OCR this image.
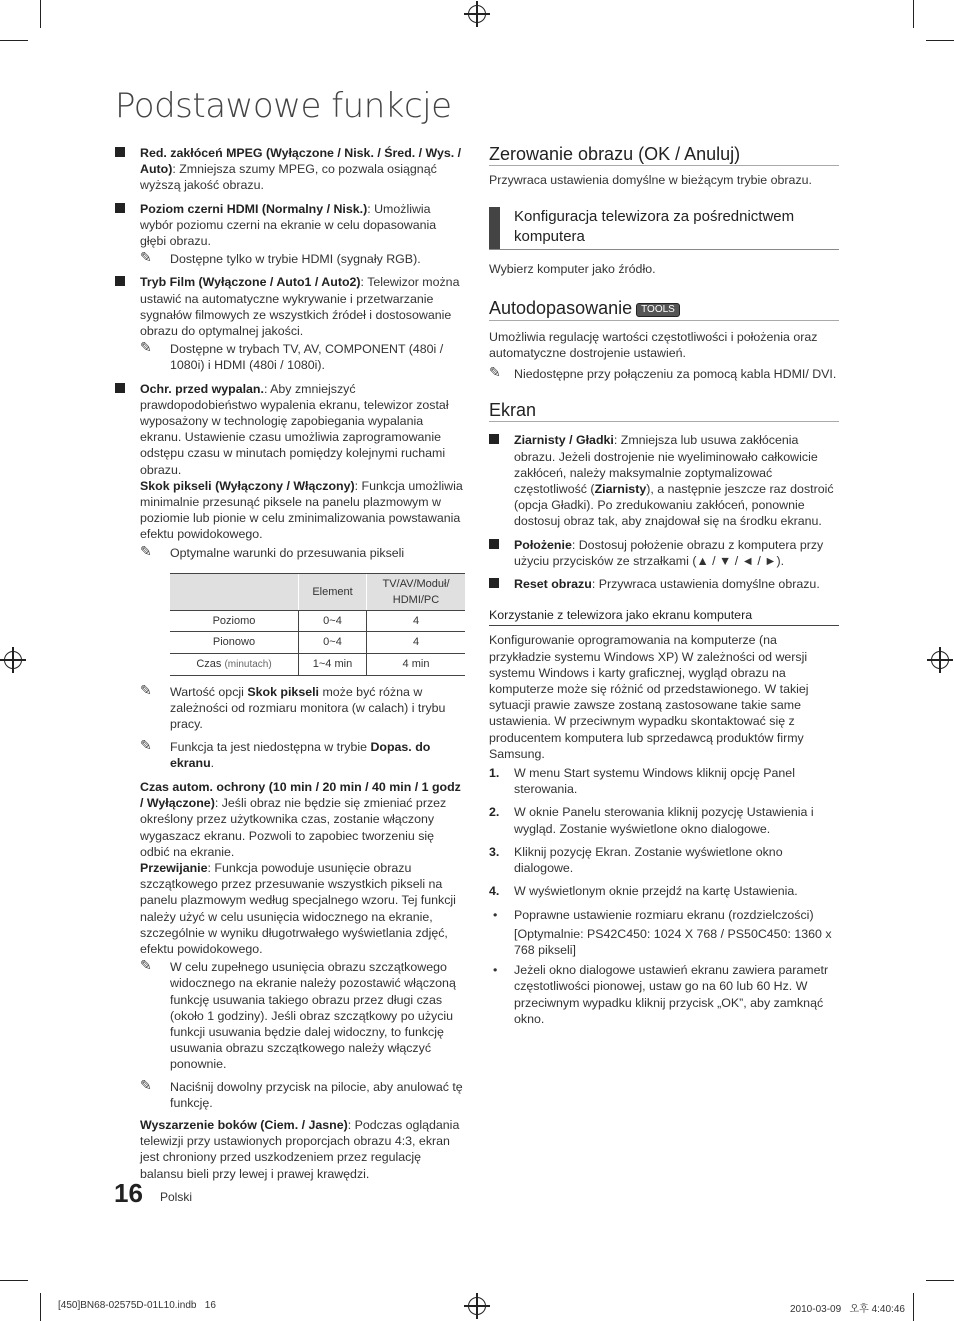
Podstawowe funkcje

Red. zakłóceń MPEG (Wyłączone / Nisk. / Śred. / Wys. / Auto): Zmniejsza szumy MPEG, co pozwala osiągnąć wyższą jakość obrazu.

Poziom czerni HDMI (Normalny / Nisk.): Umożliwia wybór poziomu czerni na ekranie w celu dopasowania głębi obrazu.

✎	Dostępne tylko w trybie HDMI (sygnały RGB).

Tryb Film (Wyłączone / Auto1 / Auto2): Telewizor można ustawić na automatyczne wykrywanie i przetwarzanie sygnałów filmowych ze wszystkich źródeł i dostosowanie obrazu do optymalnej jakości.

✎	Dostępne w trybach TV, AV, COMPONENT (480i / 1080i) i HDMI (480i / 1080i).

Ochr. przed wypalan.: Aby zmniejszyć prawdopodobieństwo wypalenia ekranu, telewizor został wyposażony w technologię zapobiegania wypalania ekranu. Ustawienie czasu umożliwia zaprogramowanie odstępu czasu w minutach pomiędzy kolejnymi ruchami obrazu.

Skok pikseli (Wyłączony / Włączony): Funkcja umożliwia minimalnie przesunąć piksele na panelu plazmowym w poziomie lub pionie w celu zminimalizowania powstawania efektu powidokowego.

✎	Optymalne warunki do przesuwania pikseli
	Element	TV/AV/Moduł/ HDMI/PC
Poziomo	0~4	4
Pionowo	0~4	4
Czas (minutach)	1~4 min	4 min
✎	Wartość opcji Skok pikseli może być różna w zależności od rozmiaru monitora (w calach) i trybu pracy.
✎	Funkcja ta jest niedostępna w trybie Dopas. do ekranu.

Czas autom. ochrony (10 min / 20 min / 40 min / 1 godz / Wyłączone): Jeśli obraz nie będzie się zmieniać przez określony przez użytkownika czas, zostanie włączony wygaszacz ekranu. Pozwoli to zapobiec tworzeniu się odbić na ekranie.

Przewijanie: Funkcja powoduje usunięcie obrazu szczątkowego przez przesuwanie wszystkich pikseli na panelu plazmowym według specjalnego wzoru. Tej funkcji należy użyć w celu usunięcia widocznego na ekranie, szczególnie w wyniku długotrwałego wyświetlania zdjęć, efektu powidokowego.

✎	W celu zupełnego usunięcia obrazu szczątkowego widocznego na ekranie należy pozostawić włączoną funkcję usuwania takiego obrazu przez długi czas (około 1 godziny). Jeśli obraz szczątkowy po użyciu funkcji usuwania będzie dalej widoczny, to funkcję usuwania obrazu szczątkowego należy włączyć ponownie.
✎	Naciśnij dowolny przycisk na pilocie, aby anulować tę funkcję.

Wyszarzenie boków (Ciem. / Jasne): Podczas oglądania telewizji przy ustawionych proporcjach obrazu 4:3, ekran jest chroniony przed uszkodzeniem przez regulację balansu bieli przy lewej i prawej krawędzi.

Zerowanie obrazu (OK / Anuluj)

Przywraca ustawienia domyślne w bieżącym trybie obrazu.

Konfiguracja telewizora za pośrednictwem komputera

Wybierz komputer jako źródło.

Autodopasowanie TOOLS

Umożliwia regulację wartości częstotliwości i położenia oraz automatyczne dostrojenie ustawień.

✎	Niedostępne przy połączeniu za pomocą kabla HDMI/ DVI.
Ekran

Ziarnisty / Gładki: Zmniejsza lub usuwa zakłócenia obrazu. Jeżeli dostrojenie nie wyeliminowało całkowicie zakłóceń, należy maksymalnie zoptymalizować częstotliwość (Ziarnisty), a następnie jeszcze raz dostroić (opcja Gładki). Po zredukowaniu zakłóceń, ponownie dostosuj obraz tak, aby znajdował się na środku ekranu.

Położenie: Dostosuj położenie obrazu z komputera przy użyciu przycisków ze strzałkami (▲ / ▼ / ◄ / ►).

Reset obrazu: Przywraca ustawienia domyślne obrazu.

Korzystanie z telewizora jako ekranu komputera

Konfigurowanie oprogramowania na komputerze (na przykładzie systemu Windows XP) W zależności od wersji systemu Windows i karty graficznej, wygląd obrazu na komputerze może się różnić od przedstawionego. W takiej sytuacji prawie zawsze zostaną zastosowane takie same ustawienia. W przeciwnym wypadku skontaktować się z producentem komputera lub sprzedawcą produktów firmy Samsung.

1. W menu Start systemu Windows kliknij opcję Panel sterowania.
2. W oknie Panelu sterowania kliknij pozycję Ustawienia i wygląd. Zostanie wyświetlone okno dialogowe.
3. Kliknij pozycję Ekran. Zostanie wyświetlone okno dialogowe.
4. W wyświetlonym oknie przejdź na kartę Ustawienia.
• Poprawne ustawienie rozmiaru ekranu (rozdzielczości)

[Optymalnie: PS42C450: 1024 X 768 / PS50C450: 1360 x 768 pikseli]

• Jeżeli okno dialogowe ustawień ekranu zawiera parametr częstotliwości pionowej, ustaw go na 60 lub 60 Hz. W przeciwnym wypadku kliknij przycisk „OK”, aby zamknąć okno.

16 Polski
[450]BN68-02575D-01L10.indb   16	2010-03-09   오후 4:40:46
